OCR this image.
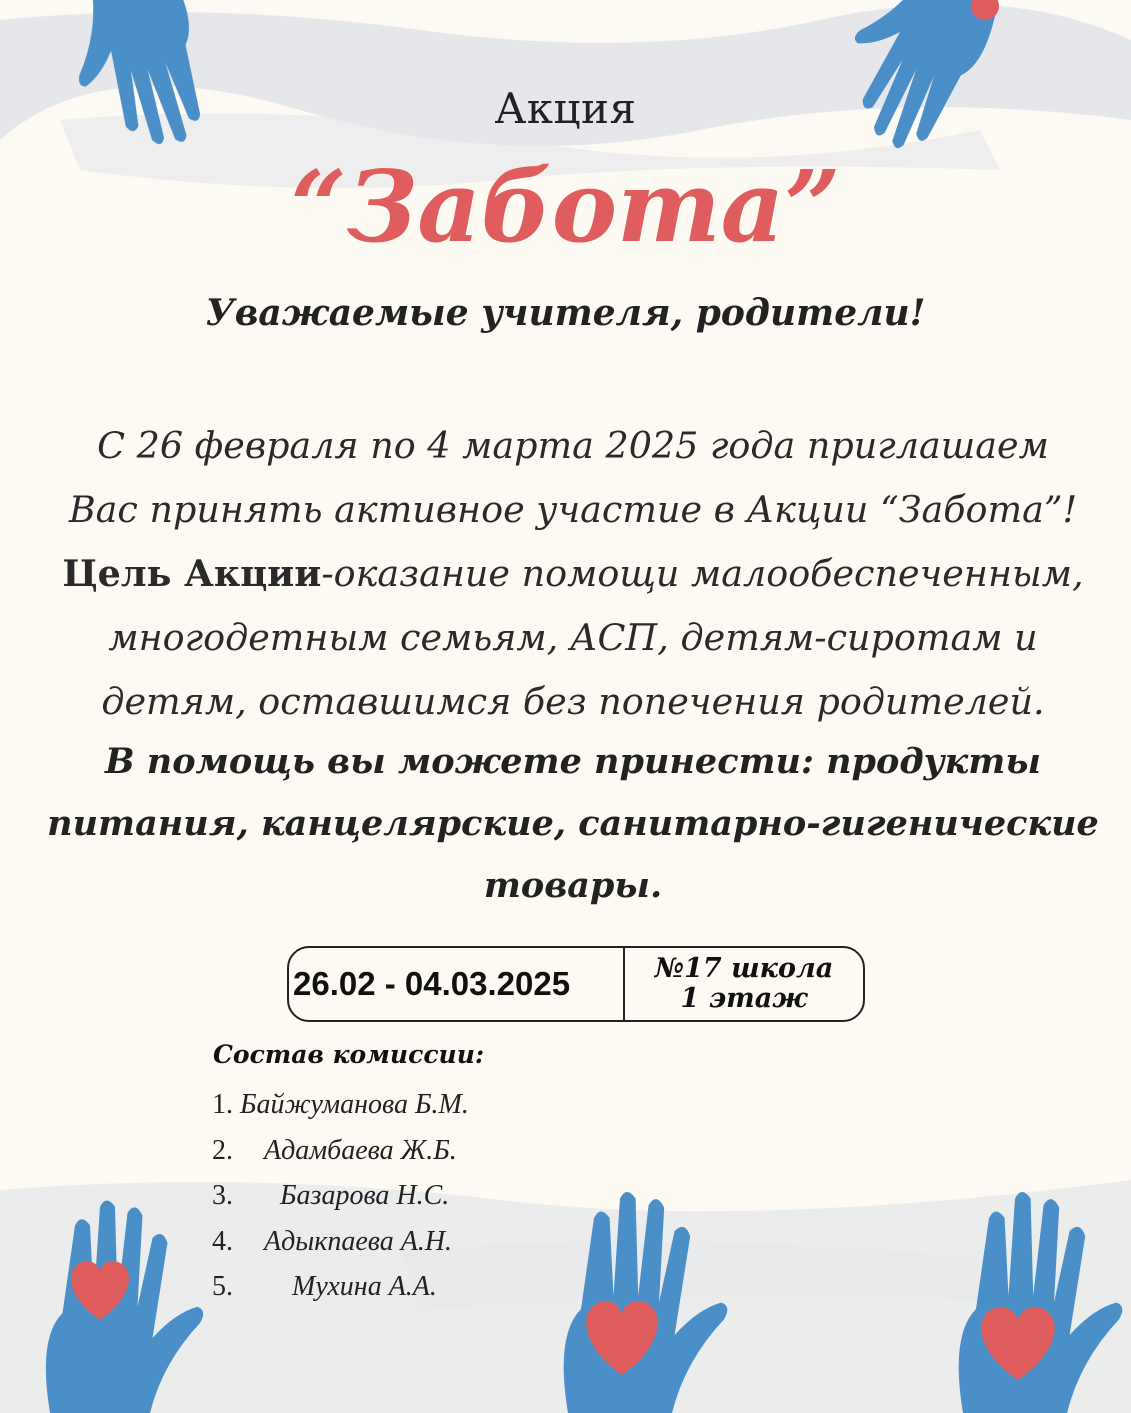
Акция
“Забота”
Уважаемые учителя, родители!
С 26 февраля по 4 марта 2025 года приглашаем
Вас принять активное участие в Акции “Забота”!
Цель Акции-оказание помощи малообеспеченным,
многодетным семьям, АСП, детям-сиротам и
детям, оставшимся без попечения родителей.
В помощь вы можете принести: продукты
питания, канцелярские, санитарно-гигенические
товары.
26.02 - 04.03.2025	№17 школа
1 этаж
Состав комиссии:
1. Байжуманова Б.М.
2.	Адамбаева Ж.Б.
3.	Базарова Н.С.
4.	Адыкпаева А.Н.
5.	Мухина А.А.
